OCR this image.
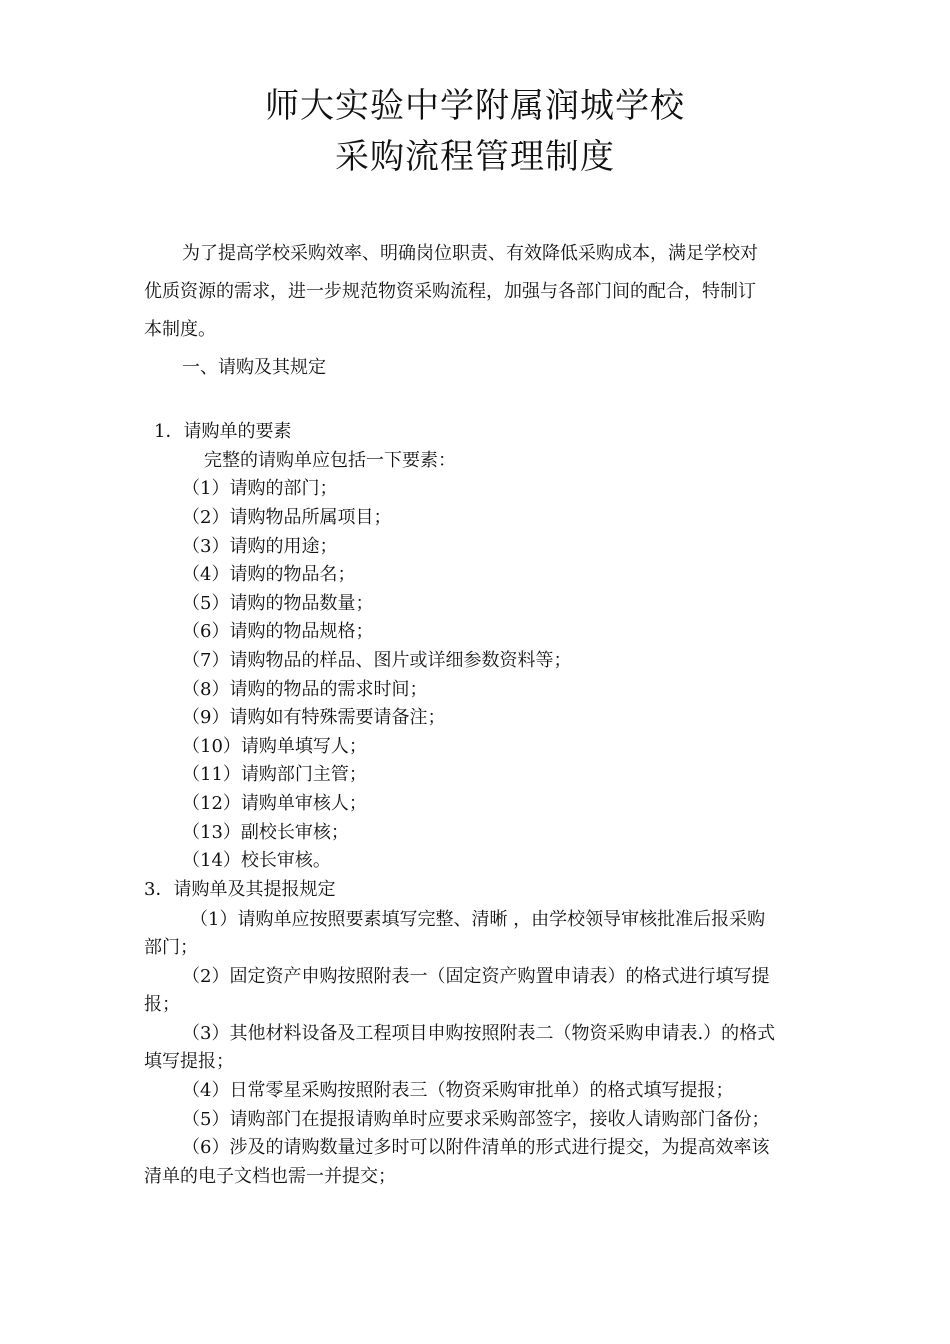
师大实验中学附属润城学校
采购流程管理制度
为了提高学校采购效率、明确岗位职责、有效降低采购成本，满足学校对
优质资源的需求，进一步规范物资采购流程，加强与各部门间的配合，特制订
本制度。
一、请购及其规定
1．请购单的要素
完整的请购单应包括一下要素：
（1）请购的部门；
（2）请购物品所属项目；
（3）请购的用途；
（4）请购的物品名；
（5）请购的物品数量；
（6）请购的物品规格；
（7）请购物品的样品、图片或详细参数资料等；
（8）请购的物品的需求时间；
（9）请购如有特殊需要请备注；
（10）请购单填写人；
（11）请购部门主管；
（12）请购单审核人；
（13）副校长审核；
（14）校长审核。
3．请购单及其提报规定
（1）请购单应按照要素填写完整、清晰 ，由学校领导审核批准后报采购
部门；
（2）固定资产申购按照附表一（固定资产购置申请表）的格式进行填写提
报；
（3）其他材料设备及工程项目申购按照附表二（物资采购申请表.）的格式
填写提报；
（4）日常零星采购按照附表三（物资采购审批单）的格式填写提报；
（5）请购部门在提报请购单时应要求采购部签字，接收人请购部门备份；
（6）涉及的请购数量过多时可以附件清单的形式进行提交，为提高效率该
清单的电子文档也需一并提交；
